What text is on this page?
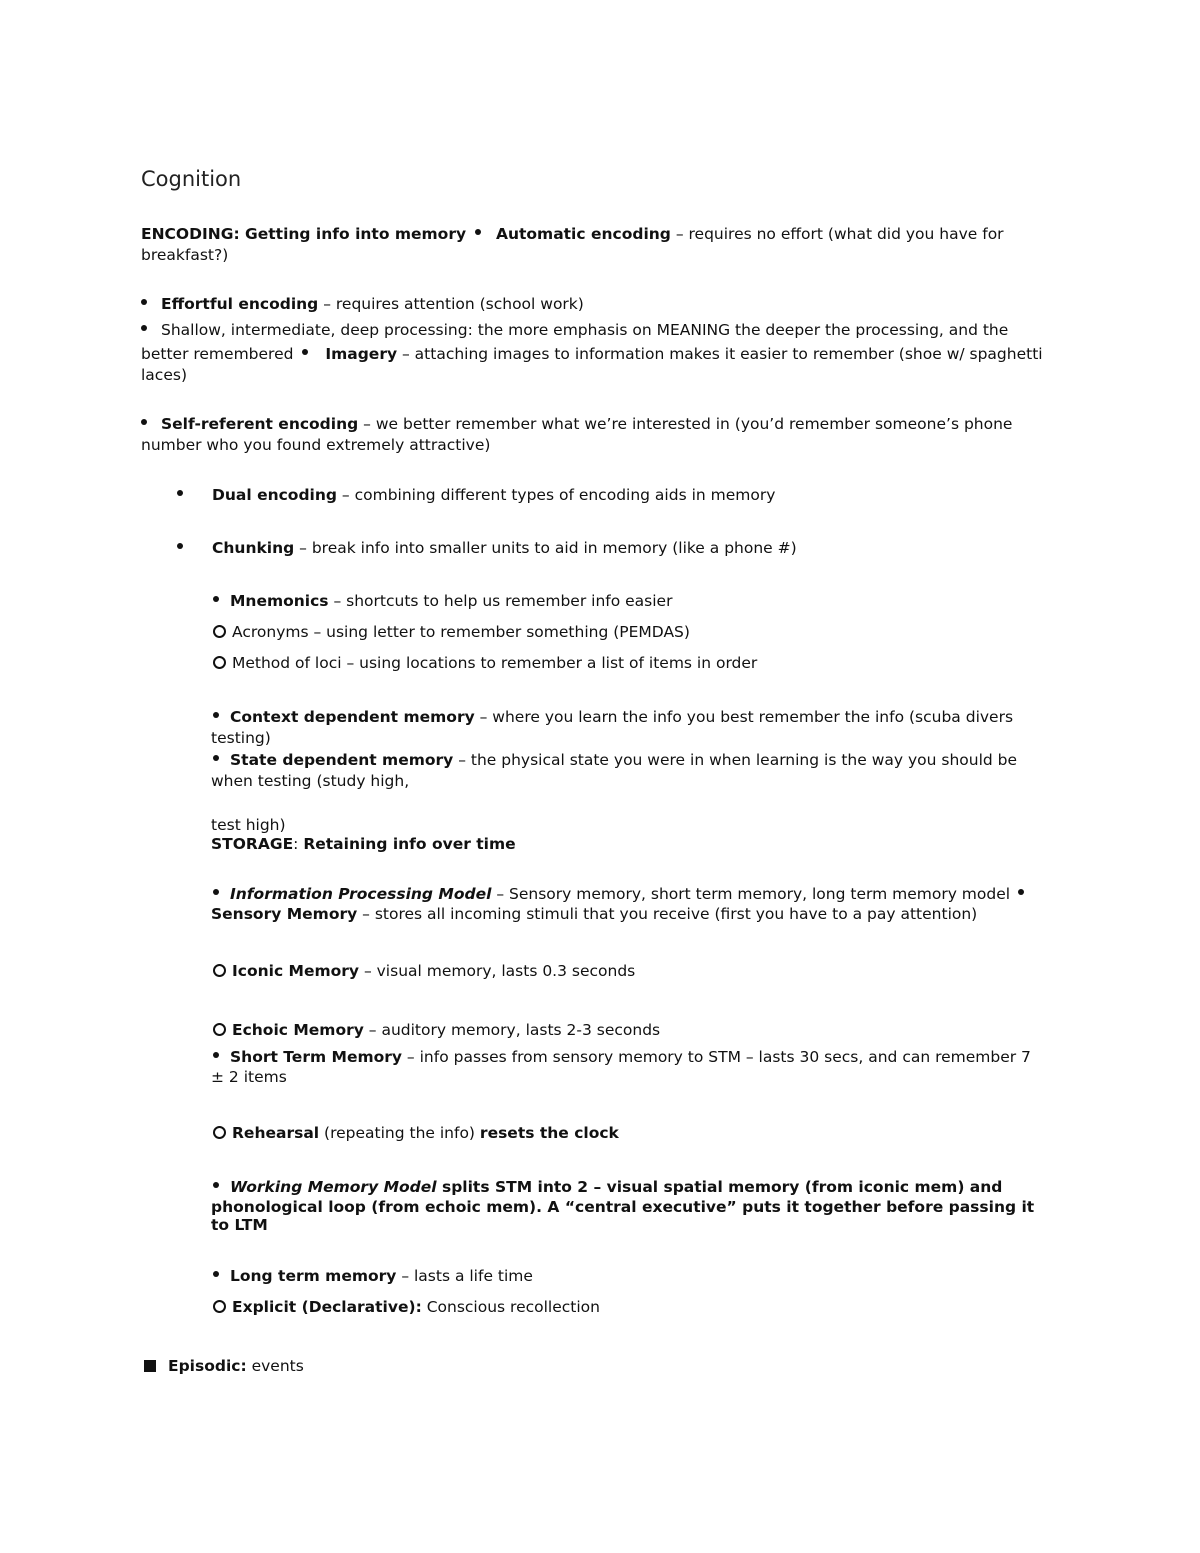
Cognition
ENCODING: Getting info into memory Automatic encoding – requires no effort (what did you have for
breakfast?)
Effortful encoding – requires attention (school work)
Shallow, intermediate, deep processing: the more emphasis on MEANING the deeper the processing, and the
better remembered Imagery – attaching images to information makes it easier to remember (shoe w/ spaghetti
laces)
Self-referent encoding – we better remember what we’re interested in (you’d remember someone’s phone
number who you found extremely attractive)
Dual encoding – combining different types of encoding aids in memory
Chunking – break info into smaller units to aid in memory (like a phone #)
Mnemonics – shortcuts to help us remember info easier
Acronyms – using letter to remember something (PEMDAS)
Method of loci – using locations to remember a list of items in order
Context dependent memory – where you learn the info you best remember the info (scuba divers
testing)
State dependent memory – the physical state you were in when learning is the way you should be
when testing (study high,
test high)
STORAGE: Retaining info over time
Information Processing Model – Sensory memory, short term memory, long term memory model
Sensory Memory – stores all incoming stimuli that you receive (first you have to a pay attention)
Iconic Memory – visual memory, lasts 0.3 seconds
Echoic Memory – auditory memory, lasts 2-3 seconds
Short Term Memory – info passes from sensory memory to STM – lasts 30 secs, and can remember 7
± 2 items
Rehearsal (repeating the info) resets the clock
Working Memory Model splits STM into 2 – visual spatial memory (from iconic mem) and
phonological loop (from echoic mem). A “central executive” puts it together before passing it
to LTM
Long term memory – lasts a life time
Explicit (Declarative): Conscious recollection
Episodic: events
